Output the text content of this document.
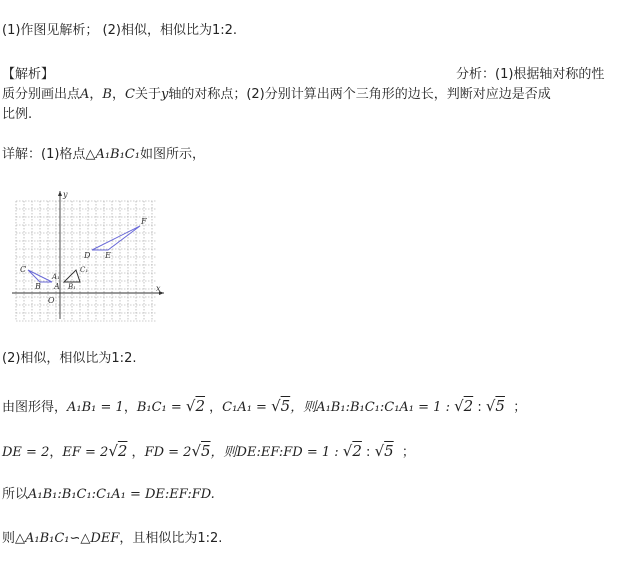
(1)作图见解析； (2)相似，相似比为1:2.
【解析】	分析：(1)根据轴对称的性
质分别画出点A，B，C关于y轴的对称点；(2)分别计算出两个三角形的边长，判断对应边是否成
比例.
详解：(1)格点△A₁B₁C₁如图所示，
x
y
O
A
B
C
A₁
B₁
C₁
D E
F
(2)相似，相似比为1:2.
由图形得，A₁B₁ = 1，B₁C₁ = √2 ，C₁A₁ = √5，则A₁B₁:B₁C₁:C₁A₁ = 1 : √2 : √5  ；
DE = 2，EF = 2√2 ，FD = 2√5，则DE:EF:FD = 1 : √2 : √5  ；
所以A₁B₁:B₁C₁:C₁A₁ = DE:EF:FD.
则△A₁B₁C₁∽△DEF，且相似比为1:2.
